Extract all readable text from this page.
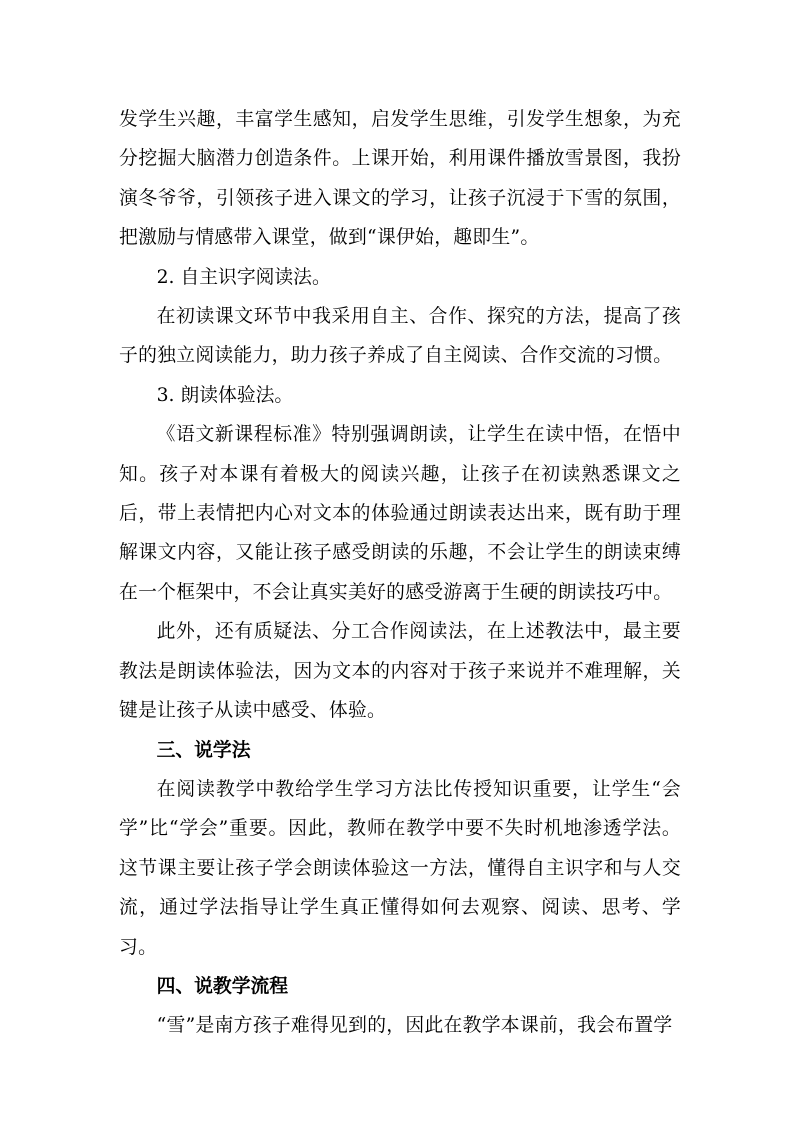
发学生兴趣，丰富学生感知，启发学生思维，引发学生想象，为充分挖掘大脑潜力创造条件。上课开始，利用课件播放雪景图，我扮演冬爷爷，引领孩子进入课文的学习，让孩子沉浸于下雪的氛围，把激励与情感带入课堂，做到“课伊始，趣即生”。

2. 自主识字阅读法。

在初读课文环节中我采用自主、合作、探究的方法，提高了孩子的独立阅读能力，助力孩子养成了自主阅读、合作交流的习惯。

3. 朗读体验法。

《语文新课程标准》特别强调朗读，让学生在读中悟，在悟中知。孩子对本课有着极大的阅读兴趣，让孩子在初读熟悉课文之后，带上表情把内心对文本的体验通过朗读表达出来，既有助于理解课文内容，又能让孩子感受朗读的乐趣，不会让学生的朗读束缚在一个框架中，不会让真实美好的感受游离于生硬的朗读技巧中。

此外，还有质疑法、分工合作阅读法，在上述教法中，最主要教法是朗读体验法，因为文本的内容对于孩子来说并不难理解，关键是让孩子从读中感受、体验。

三、说学法

在阅读教学中教给学生学习方法比传授知识重要，让学生“会学”比“学会”重要。因此，教师在教学中要不失时机地渗透学法。这节课主要让孩子学会朗读体验这一方法，懂得自主识字和与人交流，通过学法指导让学生真正懂得如何去观察、阅读、思考、学习。

四、说教学流程

“雪”是南方孩子难得见到的，因此在教学本课前，我会布置学
